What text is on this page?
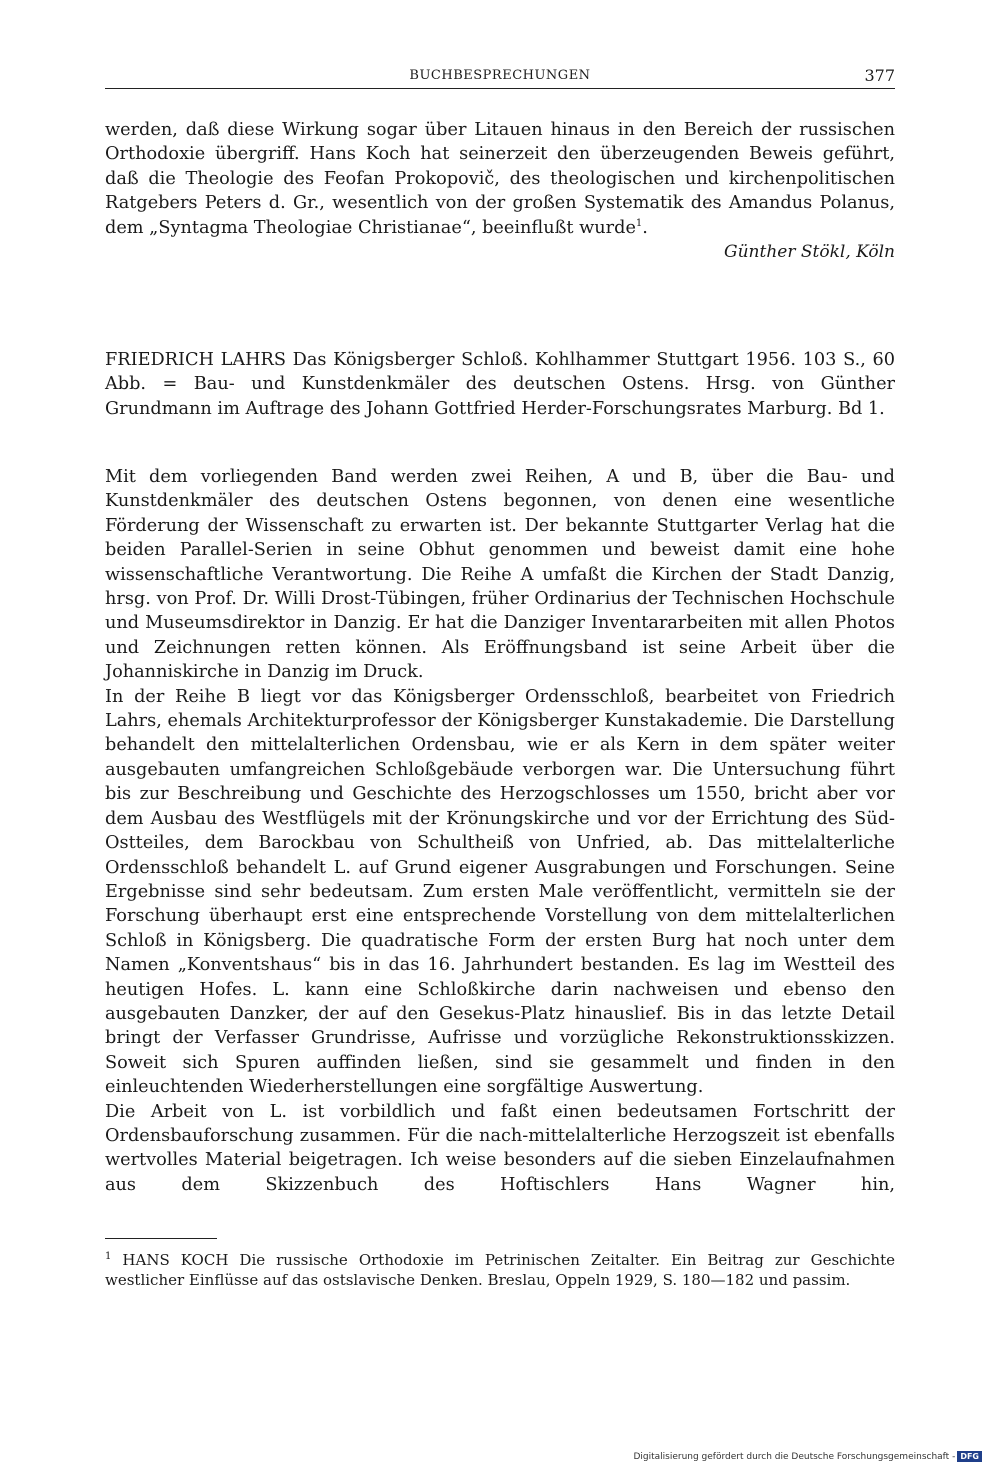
BUCHBESPRECHUNGEN	377

werden, daß diese Wirkung sogar über Litauen hinaus in den Bereich der russischen Orthodoxie übergriff. Hans Koch hat seinerzeit den überzeugenden Beweis geführt, daß die Theologie des Feofan Prokopovič, des theologischen und kirchenpolitischen Ratgebers Peters d. Gr., wesentlich von der großen Systematik des Amandus Polanus, dem „Syntagma Theologiae Christianae“, beeinflußt wurde$^1$.

Günther Stökl, Köln

FRIEDRICH LAHRS Das Königsberger Schloß. Kohlhammer Stuttgart 1956. 103 S., 60 Abb. = Bau- und Kunstdenkmäler des deutschen Ostens. Hrsg. von Günther Grundmann im Auftrage des Johann Gottfried Herder-Forschungsrates Marburg. Bd 1.

Mit dem vorliegenden Band werden zwei Reihen, A und B, über die Bau- und Kunstdenkmäler des deutschen Ostens begonnen, von denen eine wesentliche Förderung der Wissenschaft zu erwarten ist. Der bekannte Stuttgarter Verlag hat die beiden Parallel-Serien in seine Obhut genommen und beweist damit eine hohe wissenschaftliche Verantwortung. Die Reihe A umfaßt die Kirchen der Stadt Danzig, hrsg. von Prof. Dr. Willi Drost-Tübingen, früher Ordinarius der Technischen Hochschule und Museumsdirektor in Danzig. Er hat die Danziger Inventararbeiten mit allen Photos und Zeichnungen retten können. Als Eröffnungsband ist seine Arbeit über die Johanniskirche in Danzig im Druck.

In der Reihe B liegt vor das Königsberger Ordensschloß, bearbeitet von Friedrich Lahrs, ehemals Architekturprofessor der Königsberger Kunstakademie. Die Darstellung behandelt den mittelalterlichen Ordensbau, wie er als Kern in dem später weiter ausgebauten umfangreichen Schloßgebäude verborgen war. Die Untersuchung führt bis zur Beschreibung und Geschichte des Herzogschlosses um 1550, bricht aber vor dem Ausbau des Westflügels mit der Krönungskirche und vor der Errichtung des Süd-Ostteiles, dem Barockbau von Schultheiß von Unfried, ab. Das mittelalterliche Ordensschloß behandelt L. auf Grund eigener Ausgrabungen und Forschungen. Seine Ergebnisse sind sehr bedeutsam. Zum ersten Male veröffentlicht, vermitteln sie der Forschung überhaupt erst eine entsprechende Vorstellung von dem mittelalterlichen Schloß in Königsberg. Die quadratische Form der ersten Burg hat noch unter dem Namen „Konventshaus“ bis in das 16. Jahrhundert bestanden. Es lag im Westteil des heutigen Hofes. L. kann eine Schloßkirche darin nachweisen und ebenso den ausgebauten Danzker, der auf den Gesekus-Platz hinauslief. Bis in das letzte Detail bringt der Verfasser Grundrisse, Aufrisse und vorzügliche Rekonstruktionsskizzen. Soweit sich Spuren auffinden ließen, sind sie gesammelt und finden in den einleuchtenden Wiederherstellungen eine sorgfältige Auswertung.

Die Arbeit von L. ist vorbildlich und faßt einen bedeutsamen Fortschritt der Ordensbauforschung zusammen. Für die nach-mittelalterliche Herzogszeit ist ebenfalls wertvolles Material beigetragen. Ich weise besonders auf die sieben Einzelaufnahmen aus dem Skizzenbuch des Hoftischlers Hans Wagner hin,

$^1$ HANS KOCH Die russische Orthodoxie im Petrinischen Zeitalter. Ein Beitrag zur Geschichte westlicher Einflüsse auf das ostslavische Denken. Breslau, Oppeln 1929, S. 180—182 und passim.

Digitalisierung gefördert durch die Deutsche Forschungsgemeinschaft - DFG
